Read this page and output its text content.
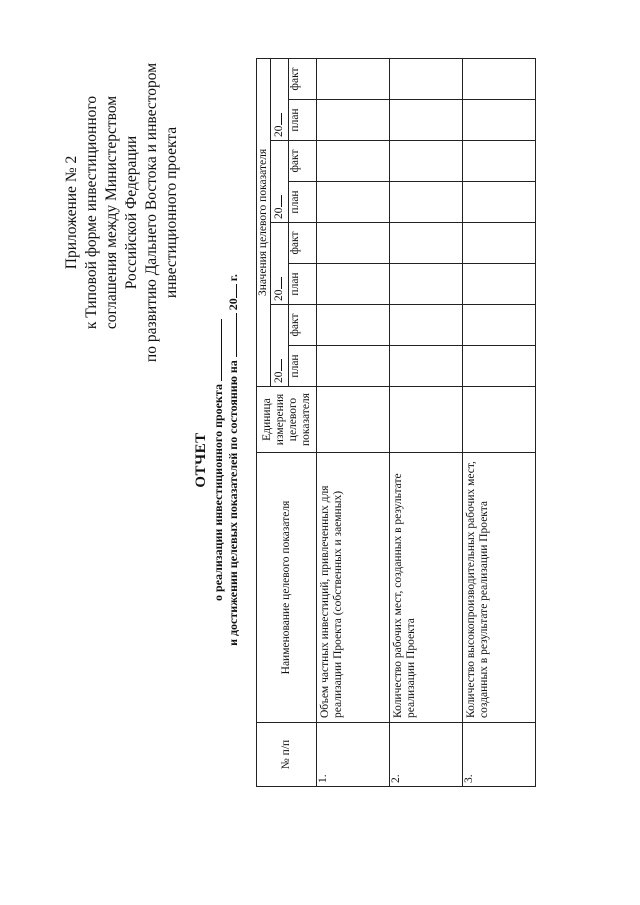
Приложение № 2 к Типовой форме инвестиционного соглашения между Министерством Российской Федерации по развитию Дальнего Востока и инвестором инвестиционного проекта
ОТЧЕТ о реализации инвестиционного проекта и достижении целевых показателей по состоянию на  20 г.
№ п/п	Наименование целевого показателя	Единица измерения целевого показателя	Значения целевого показателя							
			20		20		20		20	
			план	факт	план	факт	план	факт	план	факт
1.	Объем частных инвестиций, привлеченных для реализации Проекта (собственных и заемных)									
2.	Количество рабочих мест, созданных в результате реализации Проекта									
3.	Количество высокопроизводительных рабочих мест, созданных в результате реализации Проекта									
